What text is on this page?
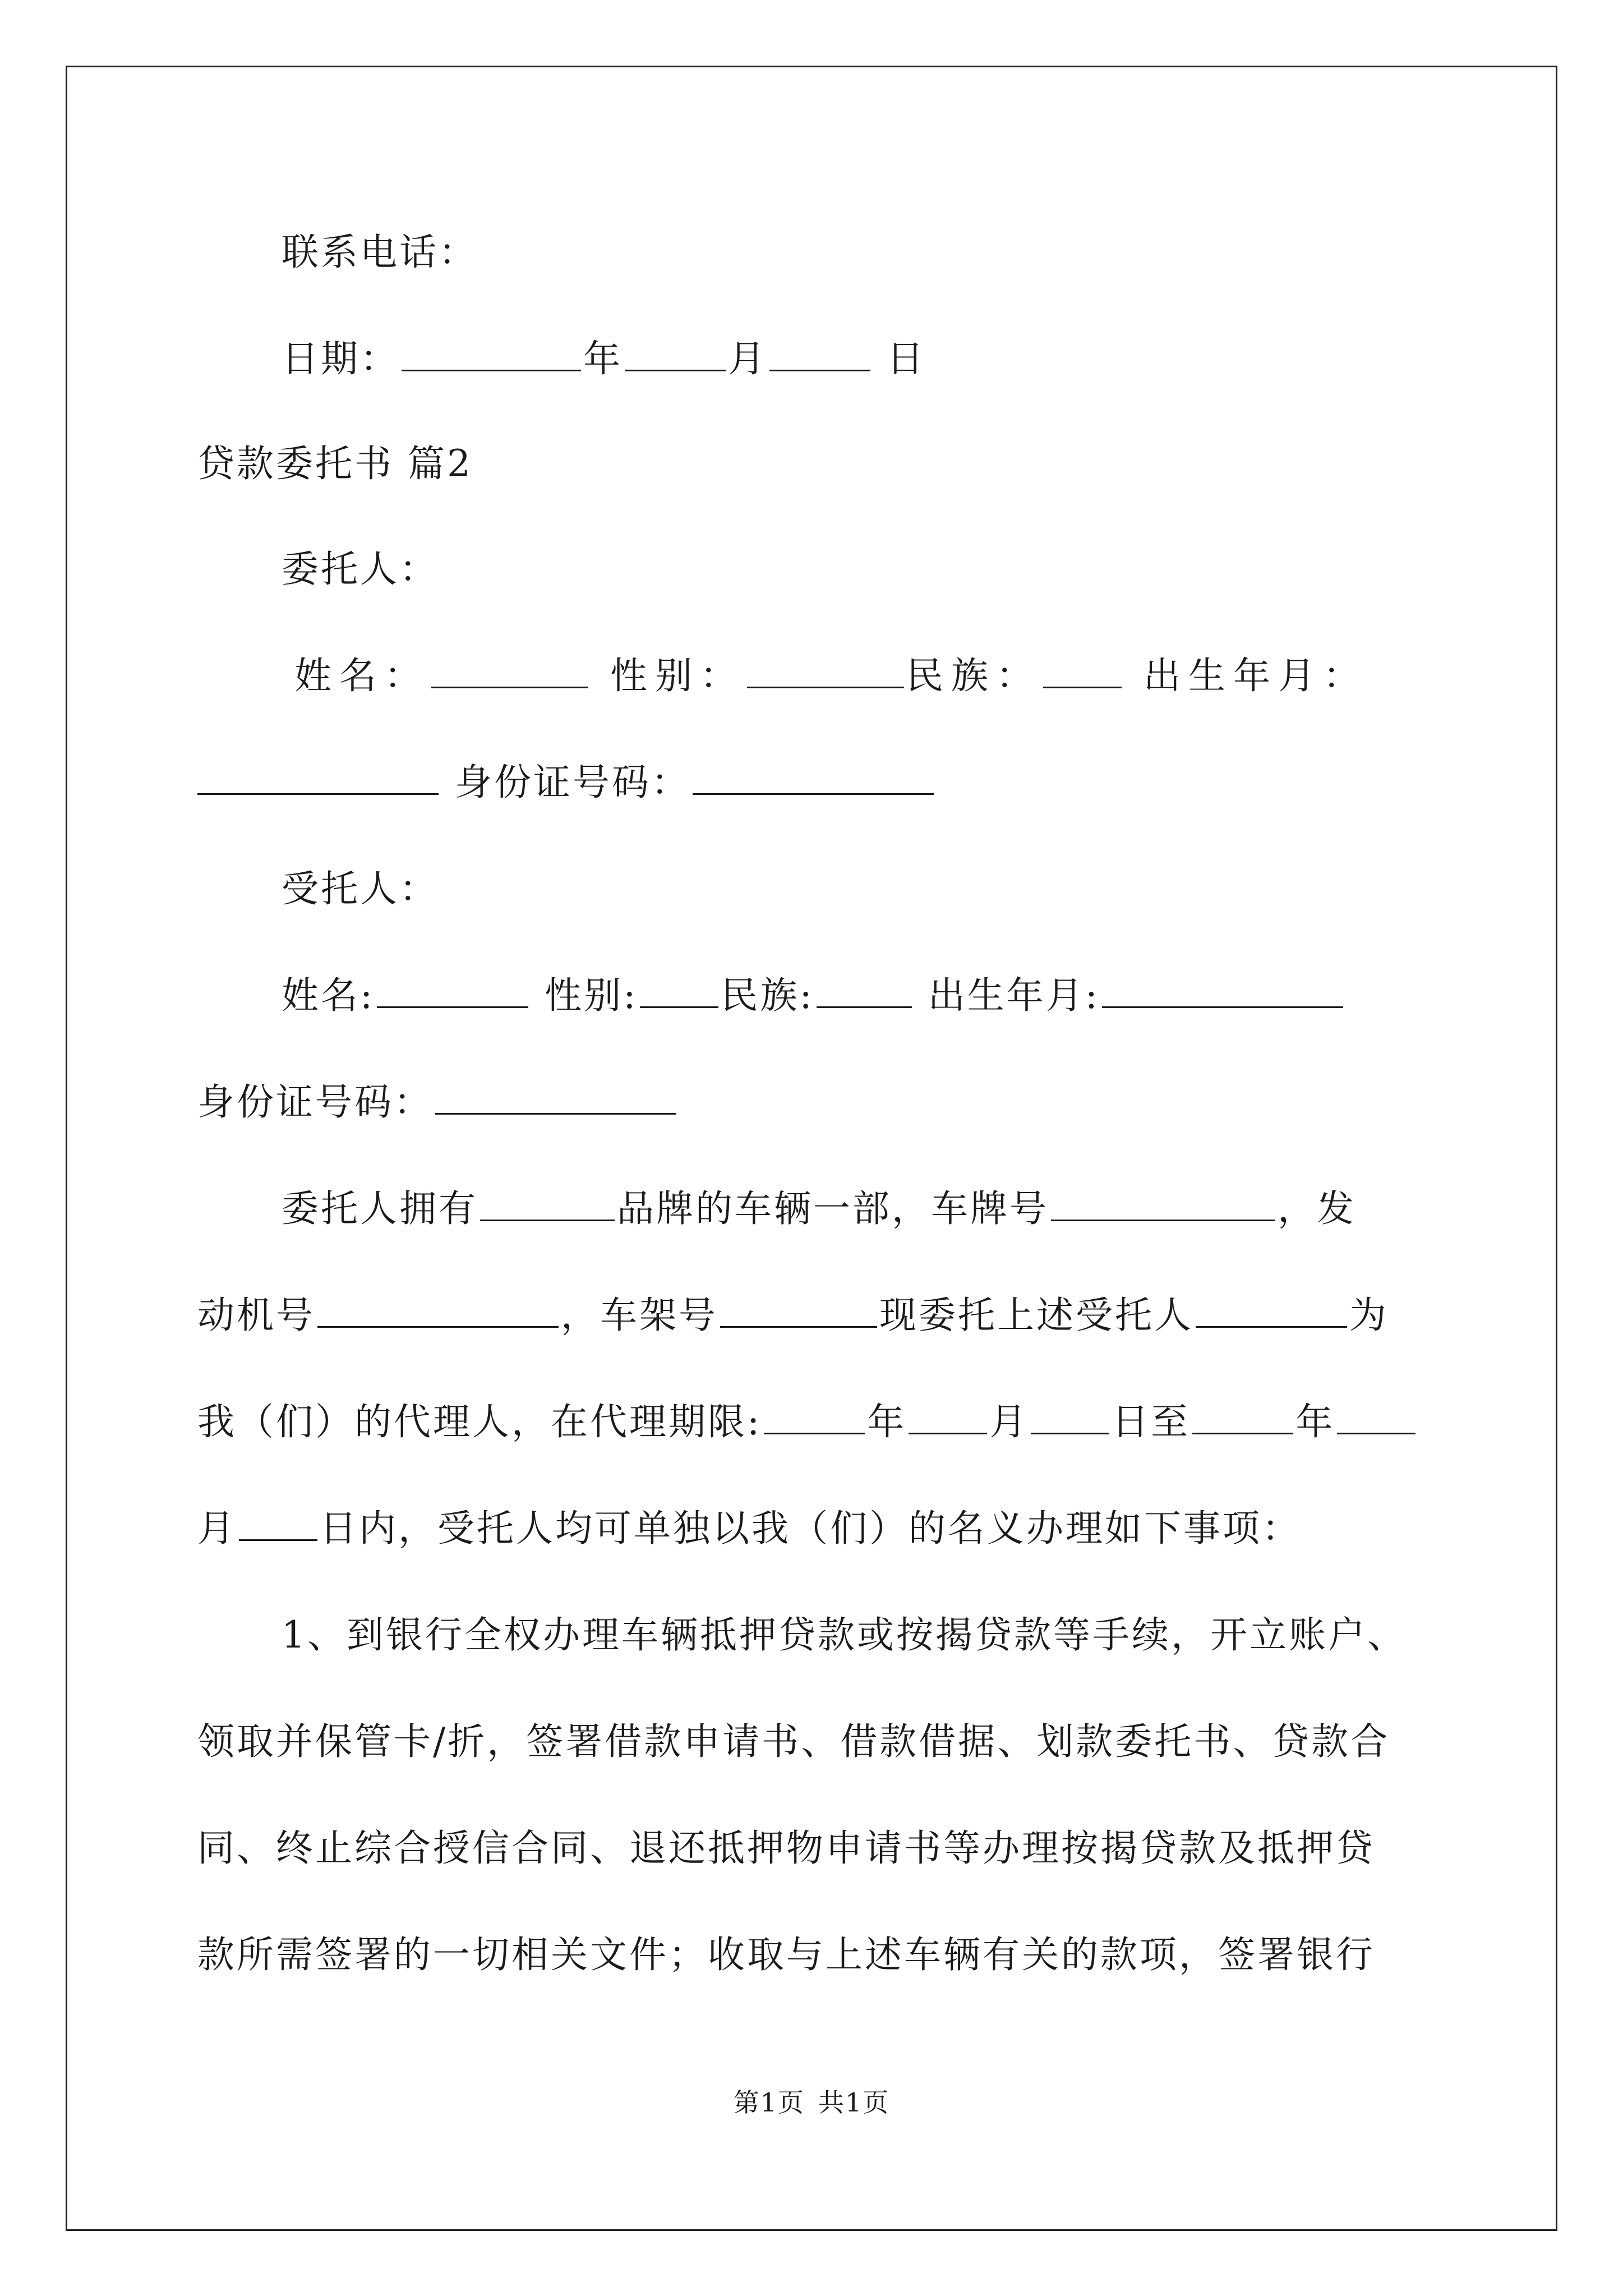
联系电话：
日期：	年	月	日
贷款委托书 篇2
委托人：
姓名：	性别：	民族：	出生年月：
身份证号码：
受托人：
姓名:	性别: 民族:	出生年月:
身份证号码：
委托人拥有	品牌的车辆一部，车牌号	，发
动机号	，车架号	现委托上述受托人	为
我（们）的代理人，在代理期限:	年 月 日至	年
月 日内，受托人均可单独以我（们）的名义办理如下事项：
1、到银行全权办理车辆抵押贷款或按揭贷款等手续，开立账户、
领取并保管卡/折，签署借款申请书、借款借据、划款委托书、贷款合
同、终止综合授信合同、退还抵押物申请书等办理按揭贷款及抵押贷
款所需签署的一切相关文件；收取与上述车辆有关的款项，签署银行
第1页 共1页
